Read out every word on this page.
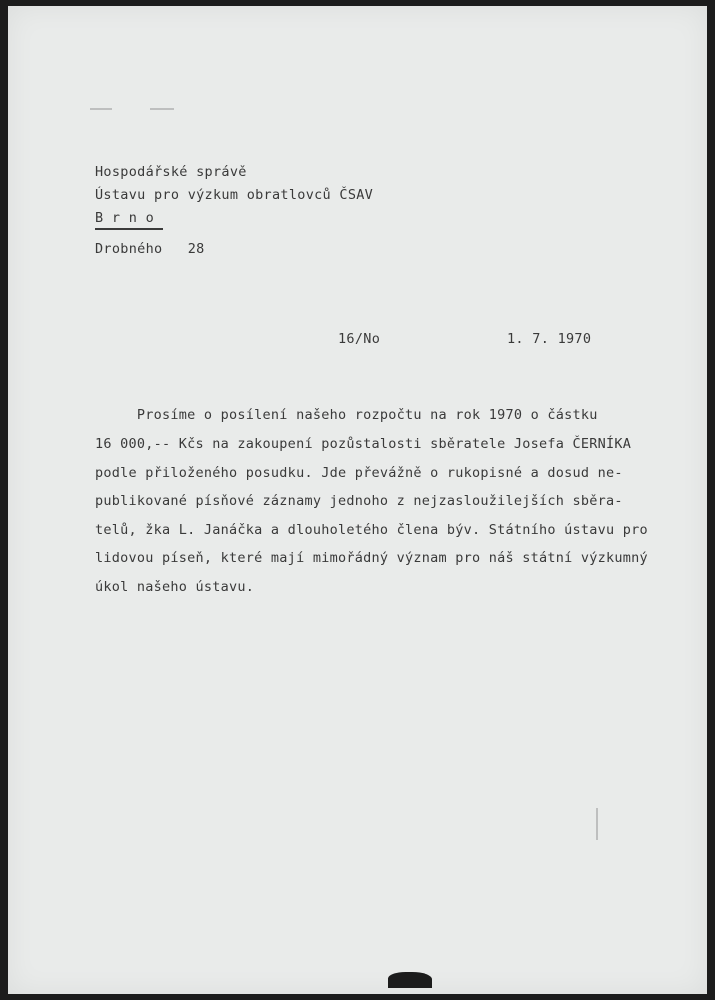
Hospodářské správě
Ústavu pro výzkum obratlovců ČSAV
B r n o
Drobného   28
16/No	1. 7. 1970
Prosíme o posílení našeho rozpočtu na rok 1970 o částku
16 000,-- Kčs na zakoupení pozůstalosti sběratele Josefa ČERNÍKA
podle přiloženého posudku. Jde převážně o rukopisné a dosud ne-
publikované písňové záznamy jednoho z nejzasloužilejších sběra-
telů, žka L. Janáčka a dlouholetého člena býv. Státního ústavu pro
lidovou píseň, které mají mimořádný význam pro náš státní výzkumný
úkol našeho ústavu.
